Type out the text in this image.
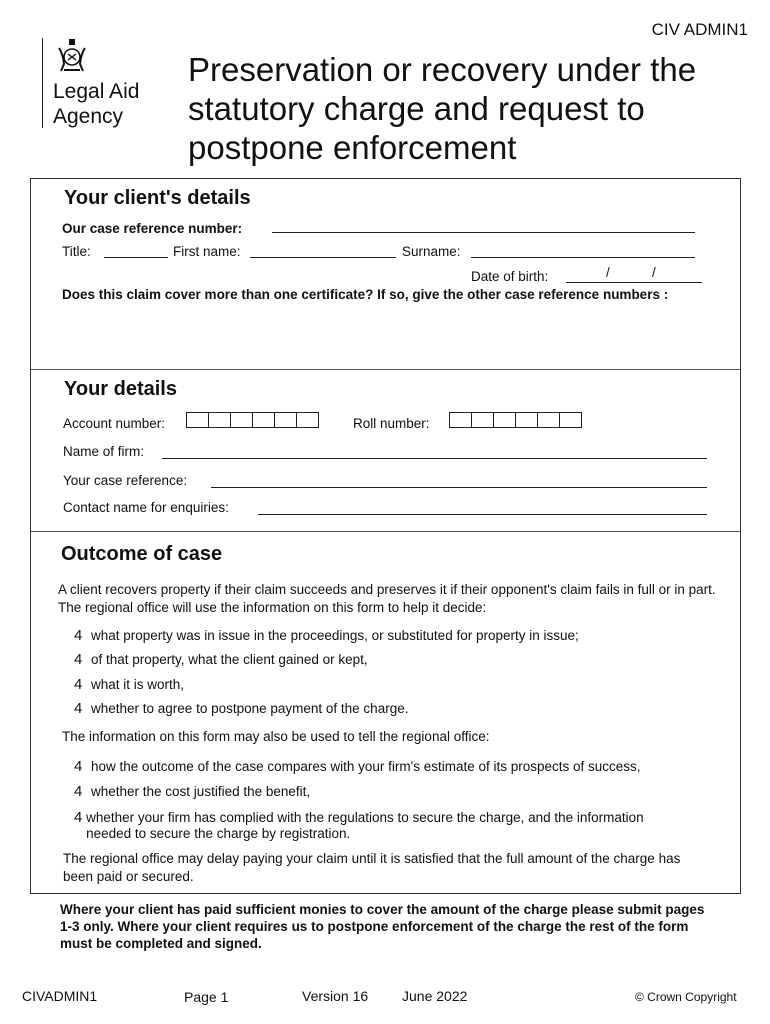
CIV ADMIN1
Legal Aid
Agency
Preservation or recovery under the statutory charge and request to postpone enforcement
Your client's details
Our case reference number:
Title:	First name:	Surname:
Date of birth:	/	/
Does this claim cover more than one certificate? If so, give the other case reference numbers :
Your details
Account number:	Roll number:
Name of firm:
Your case reference:
Contact name for enquiries:
Outcome of case
A client recovers property if their claim succeeds and preserves it if their opponent's claim fails in full or in part. The regional office will use the information on this form to help it decide:
4 what property was in issue in the proceedings, or substituted for property in issue;
4 of that property, what the client gained or kept,
4 what it is worth,
4 whether to agree to postpone payment of the charge.
The information on this form may also be used to tell the regional office:
4 how the outcome of the case compares with your firm's estimate of its prospects of success,
4 whether the cost justified the benefit,
4 whether your firm has complied with the regulations to secure the charge, and the information needed to secure the charge by registration.
The regional office may delay paying your claim until it is satisfied that the full amount of the charge has been paid or secured.
Where your client has paid sufficient monies to cover the amount of the charge please submit pages 1-3 only. Where your client requires us to postpone enforcement of the charge the rest of the form must be completed and signed.
CIVADMIN1	Page 1	Version 16 June 2022	© Crown Copyright
